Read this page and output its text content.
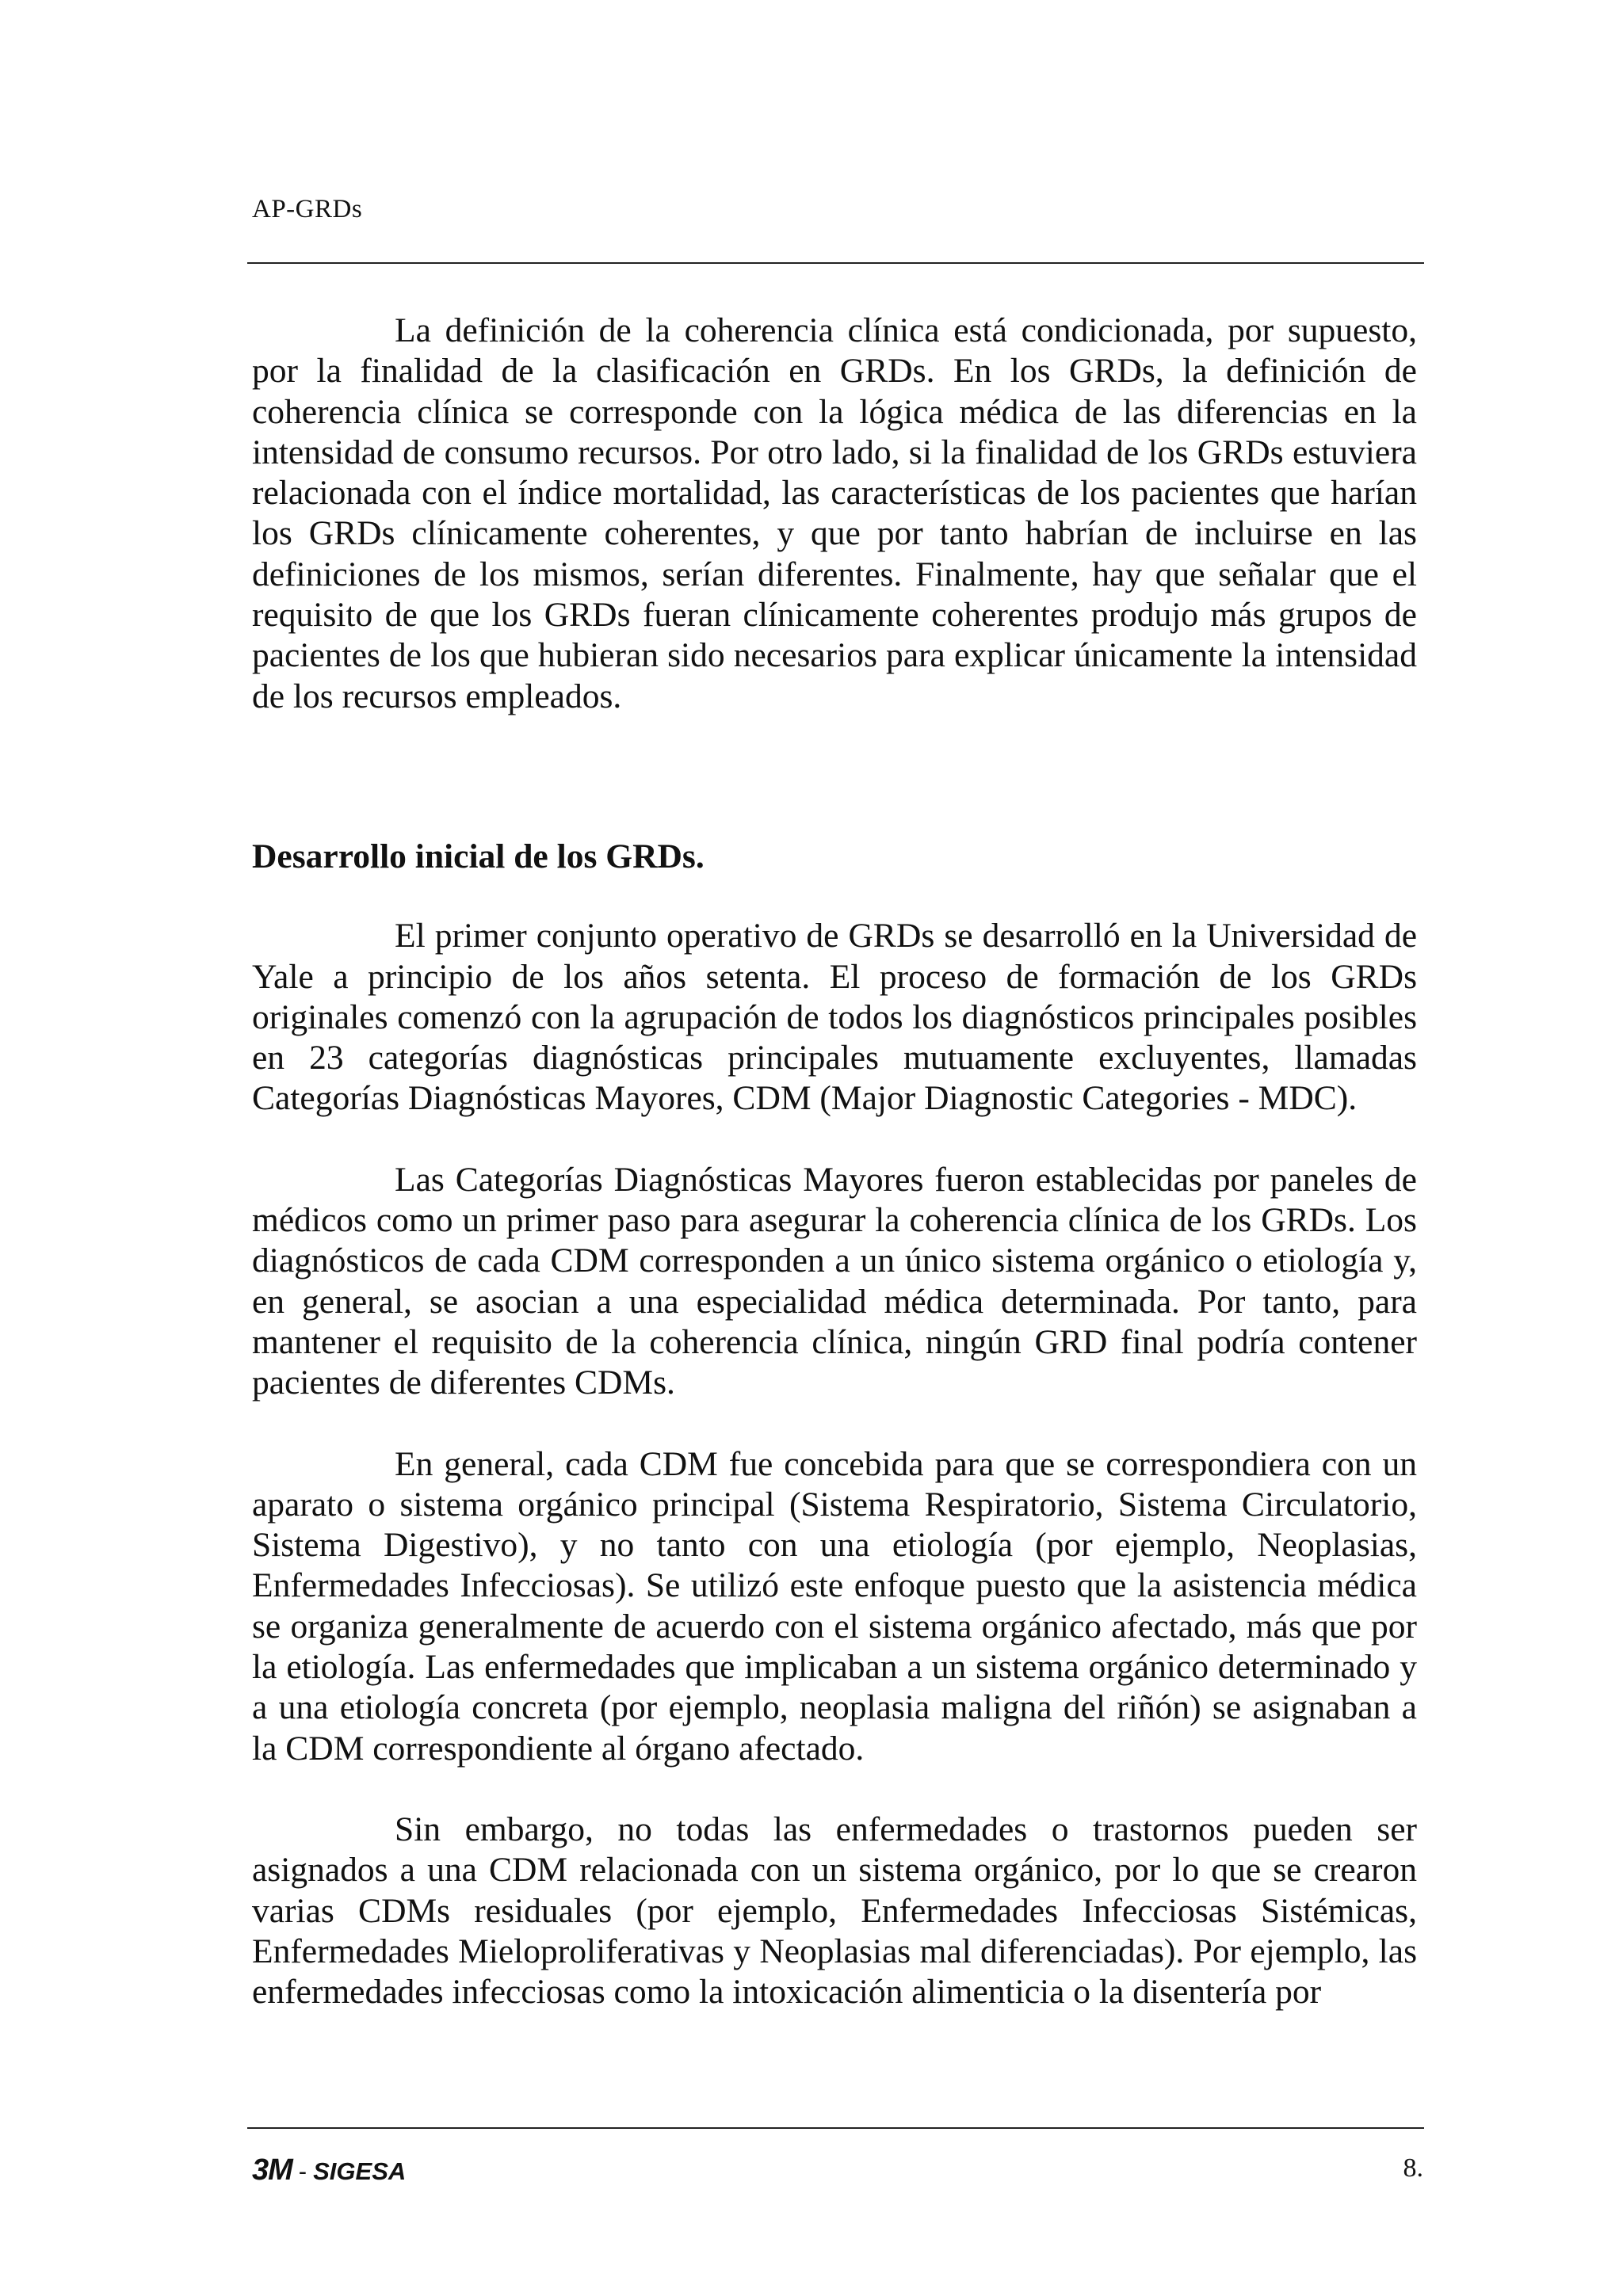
AP-GRDs

La definición de la coherencia clínica está condicionada, por supuesto, por la finalidad de la clasificación en GRDs. En los GRDs, la definición de coherencia clínica se corresponde con la lógica médica de las diferencias en la intensidad de consumo recursos. Por otro lado, si la finalidad de los GRDs estuviera relacionada con el índice mortalidad, las características de los pacientes que harían los GRDs clínicamente coherentes, y que por tanto habrían de incluirse en las definiciones de los mismos, serían diferentes. Finalmente, hay que señalar que el requisito de que los GRDs fueran clínicamente coherentes produjo más grupos de pacientes de los que hubieran sido necesarios para explicar únicamente la intensidad de los recursos empleados.

Desarrollo inicial de los GRDs.

El primer conjunto operativo de GRDs se desarrolló en la Universidad de Yale a principio de los años setenta. El proceso de formación de los GRDs originales comenzó con la agrupación de todos los diagnósticos principales posibles en 23 categorías diagnósticas principales mutuamente excluyentes, llamadas Categorías Diagnósticas Mayores, CDM (Major Diagnostic Categories - MDC).

Las Categorías Diagnósticas Mayores fueron establecidas por paneles de médicos como un primer paso para asegurar la coherencia clínica de los GRDs. Los diagnósticos de cada CDM corresponden a un único sistema orgánico o etiología y, en general, se asocian a una especialidad médica determinada. Por tanto, para mantener el requisito de la coherencia clínica, ningún GRD final podría contener pacientes de diferentes CDMs.

En general, cada CDM fue concebida para que se correspondiera con un aparato o sistema orgánico principal (Sistema Respiratorio, Sistema Circulatorio, Sistema Digestivo), y no tanto con una etiología (por ejemplo, Neoplasias, Enfermedades Infecciosas). Se utilizó este enfoque puesto que la asistencia médica se organiza generalmente de acuerdo con el sistema orgánico afectado, más que por la etiología. Las enfermedades que implicaban a un sistema orgánico determinado y a una etiología concreta (por ejemplo, neoplasia maligna del riñón) se asignaban a la CDM correspondiente al órgano afectado.

Sin embargo, no todas las enfermedades o trastornos pueden ser asignados a una CDM relacionada con un sistema orgánico, por lo que se crearon varias CDMs residuales (por ejemplo, Enfermedades Infecciosas Sistémicas, Enfermedades Mieloproliferativas y Neoplasias mal diferenciadas). Por ejemplo, las enfermedades infecciosas como la intoxicación alimenticia o la disentería por

3M - SIGESA	8.
